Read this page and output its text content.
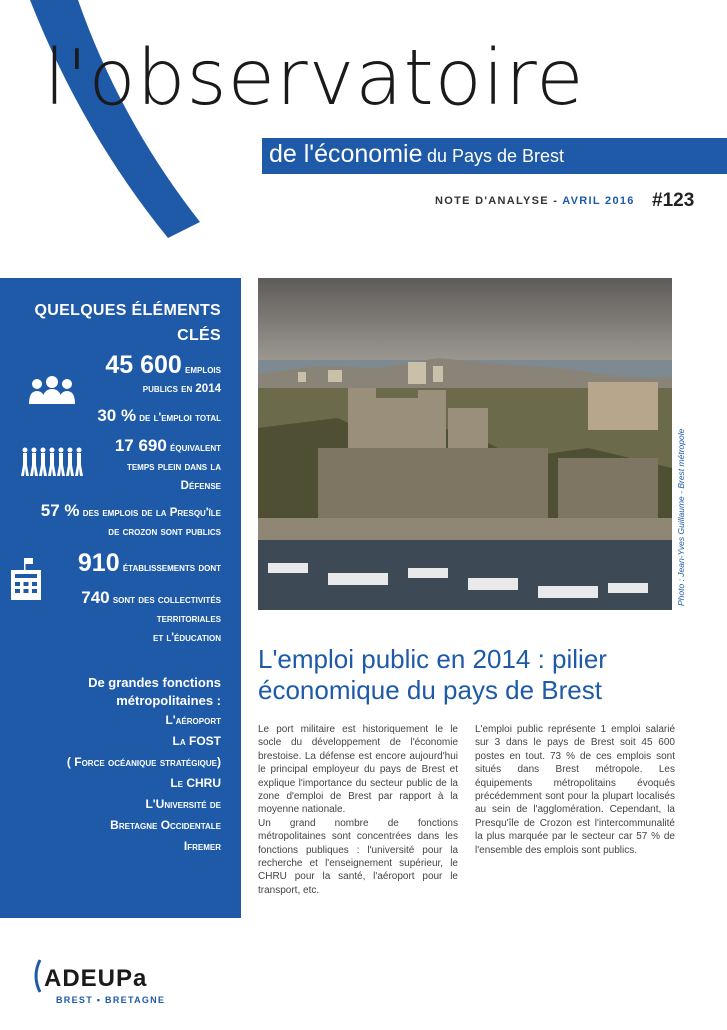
l'observatoire
de l'économie du Pays de Brest
NOTE D'ANALYSE - AVRIL 2016 #123
QUELQUES ÉLÉMENTS
CLÉS
45 600 emplois
publics en 2014
30 % de l'emploi total
17 690 équivalent
temps plein dans la
Défense
57 % des emplois de la Presqu'île
de crozon sont publics
910 établissements dont
740 sont des collectivités
territoriales
et l'éducation
De grandes fonctions
métropolitaines :
L'aéroport
La FOST
( Force océanique stratégique)
Le CHRU
L'Université de
Bretagne Occidentale
Ifremer
Photo : Jean-Yves Guillaume - Brest métropole
L'emploi public en 2014 : pilier économique du pays de Brest

Le port militaire est historiquement le le socle du développement de l'économie brestoise. La défense est encore aujourd'hui le principal employeur du pays de Brest et explique l'importance du secteur public de la zone d'emploi de Brest par rapport à la moyenne nationale.

Un grand nombre de fonctions métropolitaines sont concentrées dans les fonctions publiques : l'université pour la recherche et l'enseignement supérieur, le CHRU pour la santé, l'aéroport pour le transport, etc.

L'emploi public représente 1 emploi salarié sur 3 dans le pays de Brest soit 45 600 postes en tout. 73 % de ces emplois sont situés dans Brest métropole. Les équipements métropolitains évoqués précédemment sont pour la plupart localisés au sein de l'agglomération. Cependant, la Presqu'île de Crozon est l'intercommunalité la plus marquée par le secteur car 57 % de l'ensemble des emplois sont publics.

ADEUPa
BREST • BRETAGNE
